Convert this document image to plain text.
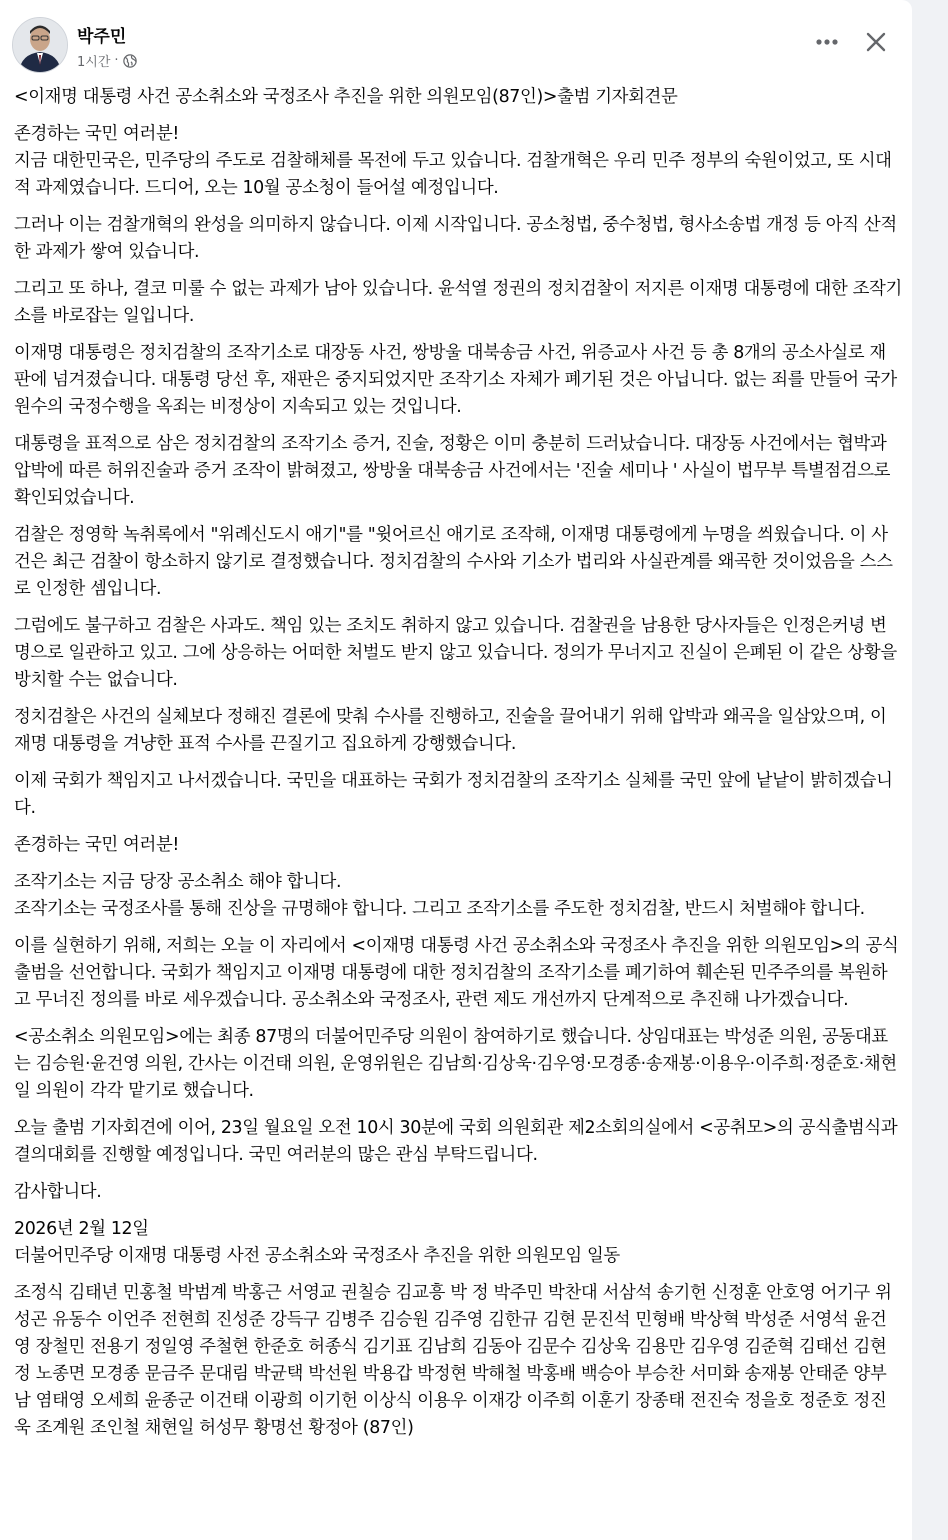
박주민
1시간 ·

<이재명 대통령 사건 공소취소와 국정조사 추진을 위한 의원모임(87인)>출범 기자회견문

존경하는 국민 여러분!
지금 대한민국은, 민주당의 주도로 검찰해체를 목전에 두고 있습니다. 검찰개혁은 우리 민주 정부의 숙원이었고, 또 시대적 과제였습니다. 드디어, 오는 10월 공소청이 들어설 예정입니다.

그러나 이는 검찰개혁의 완성을 의미하지 않습니다. 이제 시작입니다. 공소청법, 중수청법, 형사소송법 개정 등 아직 산적한 과제가 쌓여 있습니다.

그리고 또 하나, 결코 미룰 수 없는 과제가 남아 있습니다. 윤석열 정권의 정치검찰이 저지른 이재명 대통령에 대한 조작기소를 바로잡는 일입니다.

이재명 대통령은 정치검찰의 조작기소로 대장동 사건, 쌍방울 대북송금 사건, 위증교사 사건 등 총 8개의 공소사실로 재판에 넘겨졌습니다. 대통령 당선 후, 재판은 중지되었지만 조작기소 자체가 폐기된 것은 아닙니다. 없는 죄를 만들어 국가 원수의 국정수행을 옥죄는 비정상이 지속되고 있는 것입니다.

대통령을 표적으로 삼은 정치검찰의 조작기소 증거, 진술, 정황은 이미 충분히 드러났습니다. 대장동 사건에서는 협박과 압박에 따른 허위진술과 증거 조작이 밝혀졌고, 쌍방울 대북송금 사건에서는 '진술 세미나 ' 사실이 법무부 특별점검으로 확인되었습니다.

검찰은 정영학 녹취록에서 "위례신도시 애기"를 "윗어르신 애기로 조작해, 이재명 대통령에게 누명을 씌웠습니다. 이 사건은 최근 검찰이 항소하지 않기로 결정했습니다. 정치검찰의 수사와 기소가 법리와 사실관계를 왜곡한 것이었음을 스스로 인정한 셈입니다.

그럼에도 불구하고 검찰은 사과도. 책임 있는 조치도 취하지 않고 있습니다. 검찰권을 남용한 당사자들은 인정은커녕 변명으로 일관하고 있고. 그에 상응하는 어떠한 처벌도 받지 않고 있습니다. 정의가 무너지고 진실이 은폐된 이 같은 상황을 방치할 수는 없습니다.

정치검찰은 사건의 실체보다 정해진 결론에 맞춰 수사를 진행하고, 진술을 끌어내기 위해 압박과 왜곡을 일삼았으며, 이재명 대통령을 겨냥한 표적 수사를 끈질기고 집요하게 강행했습니다.

이제 국회가 책임지고 나서겠습니다. 국민을 대표하는 국회가 정치검찰의 조작기소 실체를 국민 앞에 낱낱이 밝히겠습니다.

존경하는 국민 여러분!

조작기소는 지금 당장 공소취소 해야 합니다.
조작기소는 국정조사를 통해 진상을 규명해야 합니다. 그리고 조작기소를 주도한 정치검찰, 반드시 처벌해야 합니다.

이를 실현하기 위해, 저희는 오늘 이 자리에서 <이재명 대통령 사건 공소취소와 국정조사 추진을 위한 의원모임>의 공식 출범을 선언합니다. 국회가 책임지고 이재명 대통령에 대한 정치검찰의 조작기소를 폐기하여 훼손된 민주주의를 복원하고 무너진 정의를 바로 세우겠습니다. 공소취소와 국정조사, 관련 제도 개선까지 단계적으로 추진해 나가겠습니다.

<공소취소 의원모임>에는 최종 87명의 더불어민주당 의원이 참여하기로 했습니다. 상임대표는 박성준 의원, 공동대표는 김승원·윤건영 의원, 간사는 이건태 의원, 운영위원은 김남희·김상욱·김우영·모경종·송재봉·이용우·이주희·정준호·채현일 의원이 각각 맡기로 했습니다.

오늘 출범 기자회견에 이어, 23일 월요일 오전 10시 30분에 국회 의원회관 제2소회의실에서 <공취모>의 공식출범식과 결의대회를 진행할 예정입니다. 국민 여러분의 많은 관심 부탁드립니다.

감사합니다.

2026년 2월 12일
더불어민주당 이재명 대통령 사전 공소취소와 국정조사 추진을 위한 의원모임 일동

조정식 김태년 민홍철 박범계 박홍근 서영교 권칠승 김교흥 박 정 박주민 박찬대 서삼석 송기헌 신정훈 안호영 어기구 위성곤 유동수 이언주 전현희 진성준 강득구 김병주 김승원 김주영 김한규 김현 문진석 민형배 박상혁 박성준 서영석 윤건영 장철민 전용기 정일영 주철현 한준호 허종식 김기표 김남희 김동아 김문수 김상욱 김용만 김우영 김준혁 김태선 김현정 노종면 모경종 문금주 문대림 박균택 박선원 박용갑 박정현 박해철 박홍배 백승아 부승찬 서미화 송재봉 안태준 양부남 염태영 오세희 윤종군 이건태 이광희 이기헌 이상식 이용우 이재강 이주희 이훈기 장종태 전진숙 정을호 정준호 정진욱 조계원 조인철 채현일 허성무 황명선 황정아 (87인)
